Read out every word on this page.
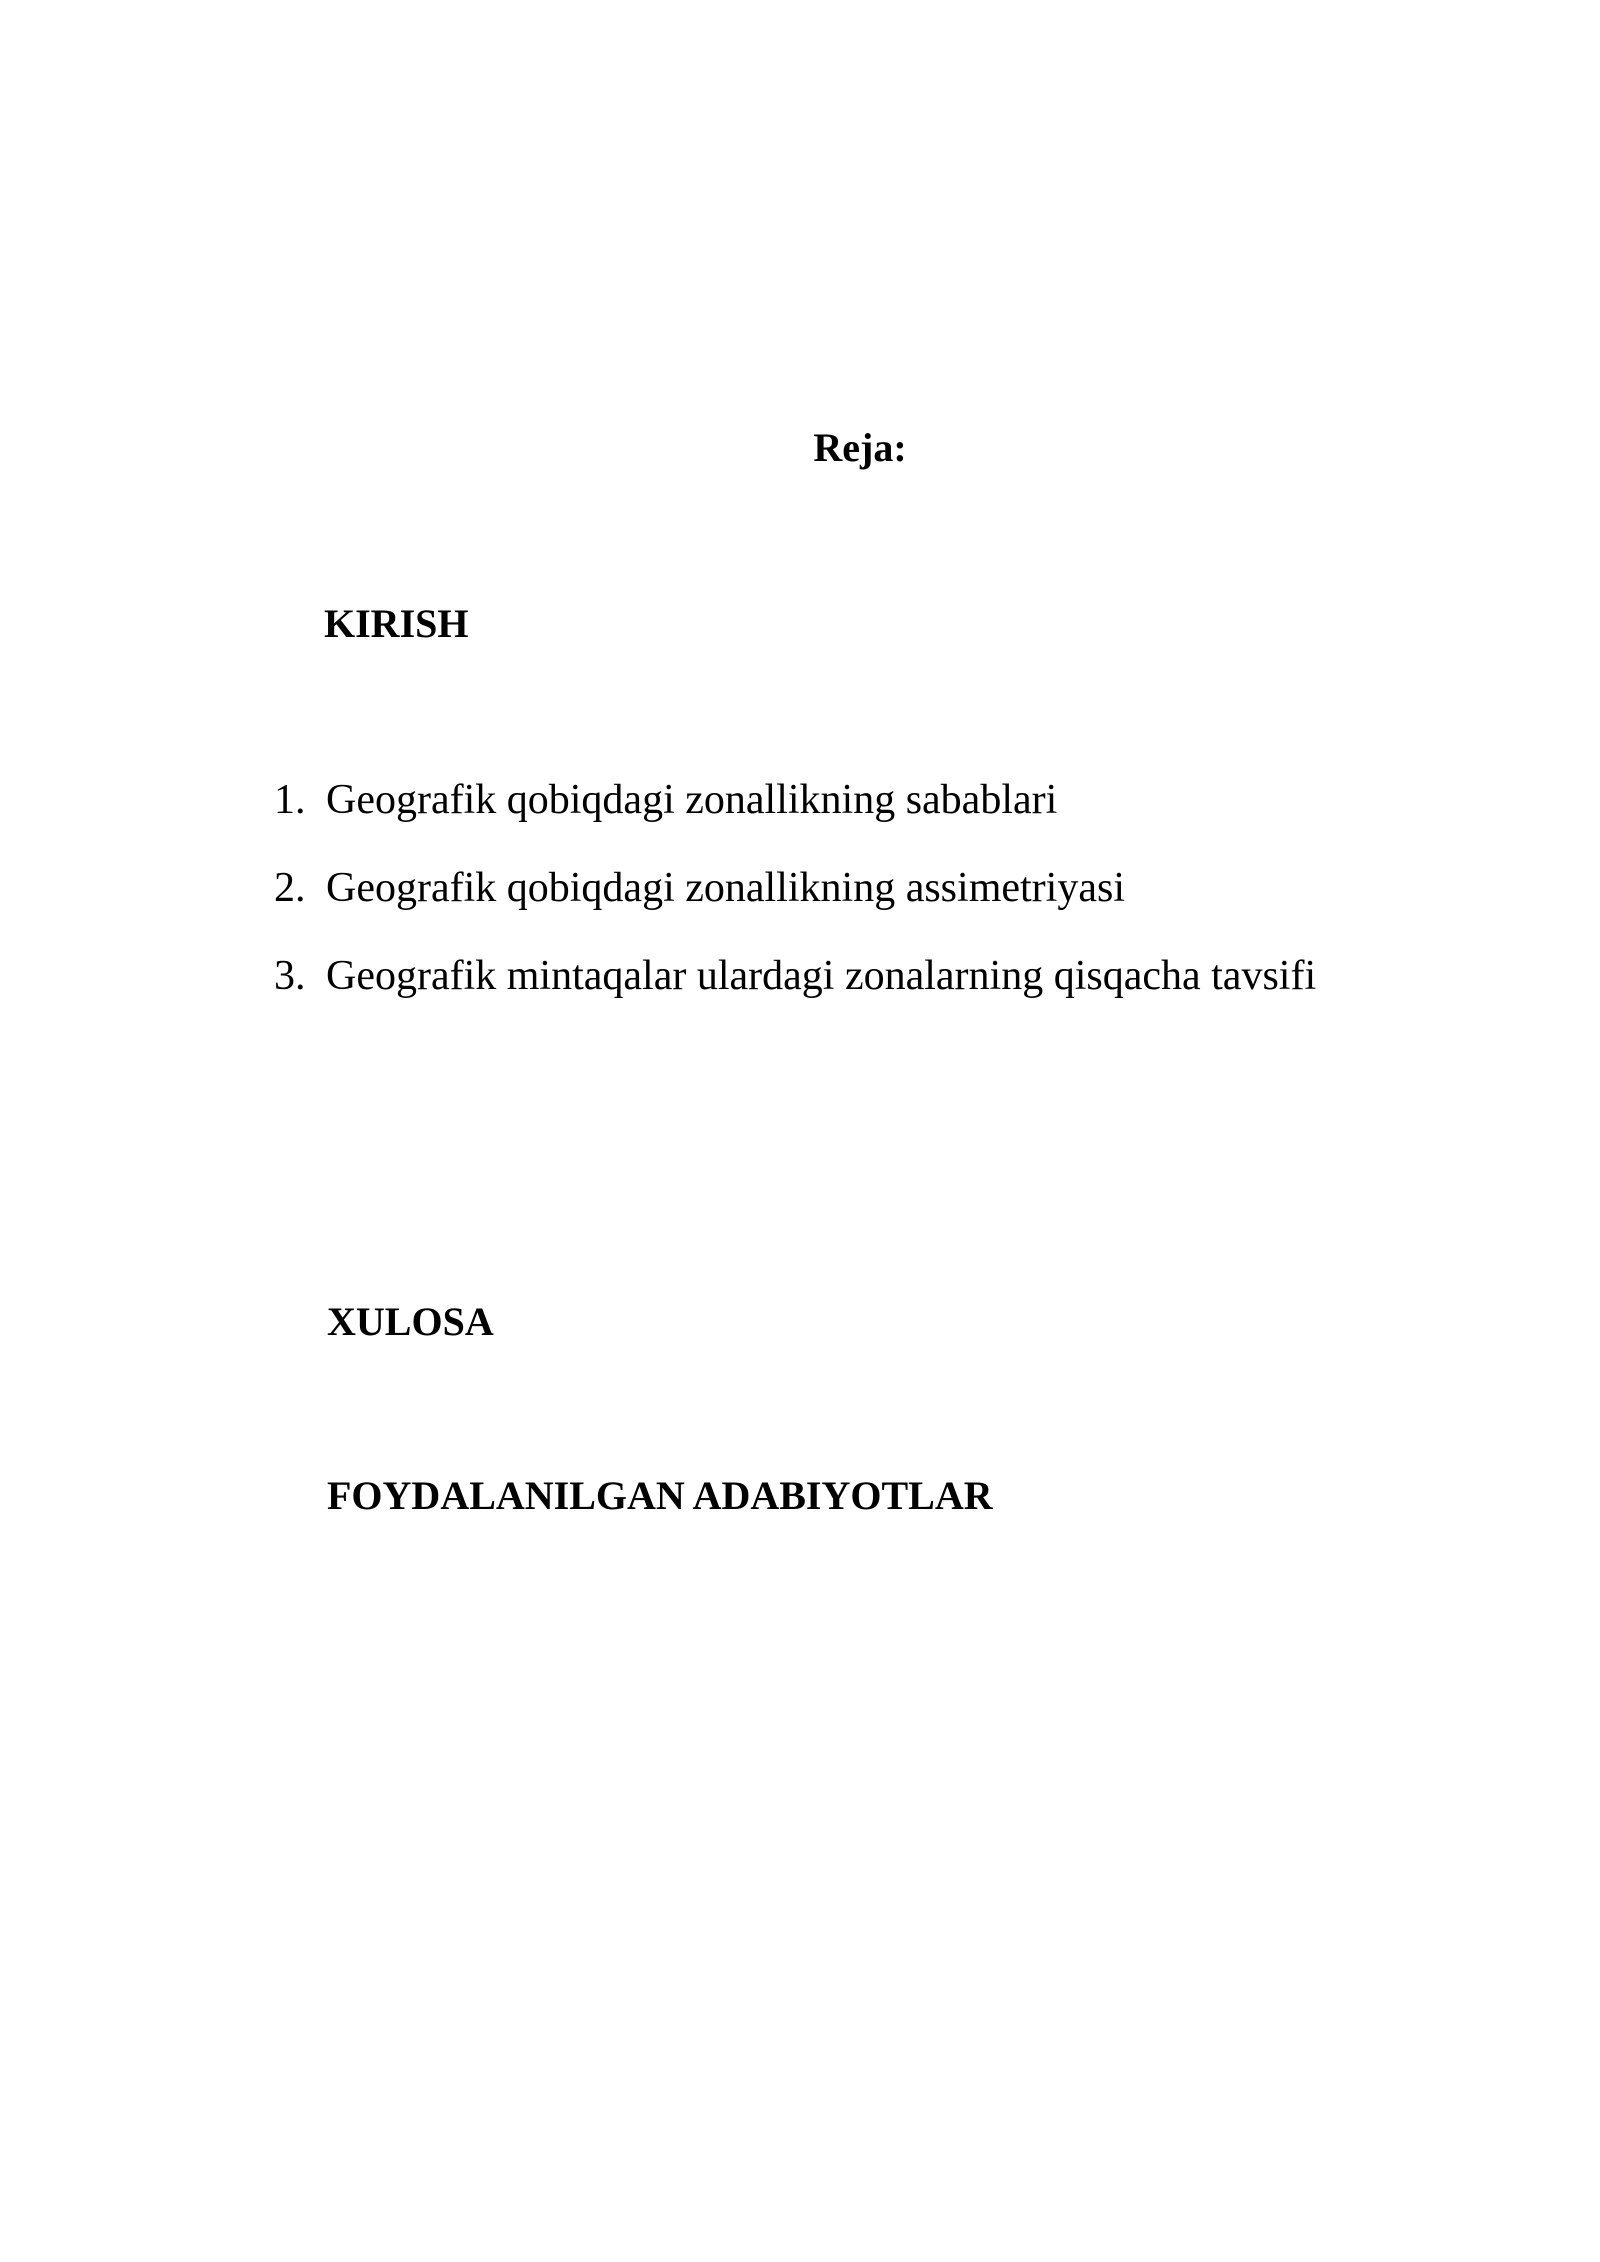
Reja:
KIRISH
1. Geografik qobiqdagi zonallikning sabablari
2. Geografik qobiqdagi zonallikning assimetriyasi
3. Geografik mintaqalar ulardagi zonalarning qisqacha tavsifi
XULOSA
FOYDALANILGAN ADABIYOTLAR
